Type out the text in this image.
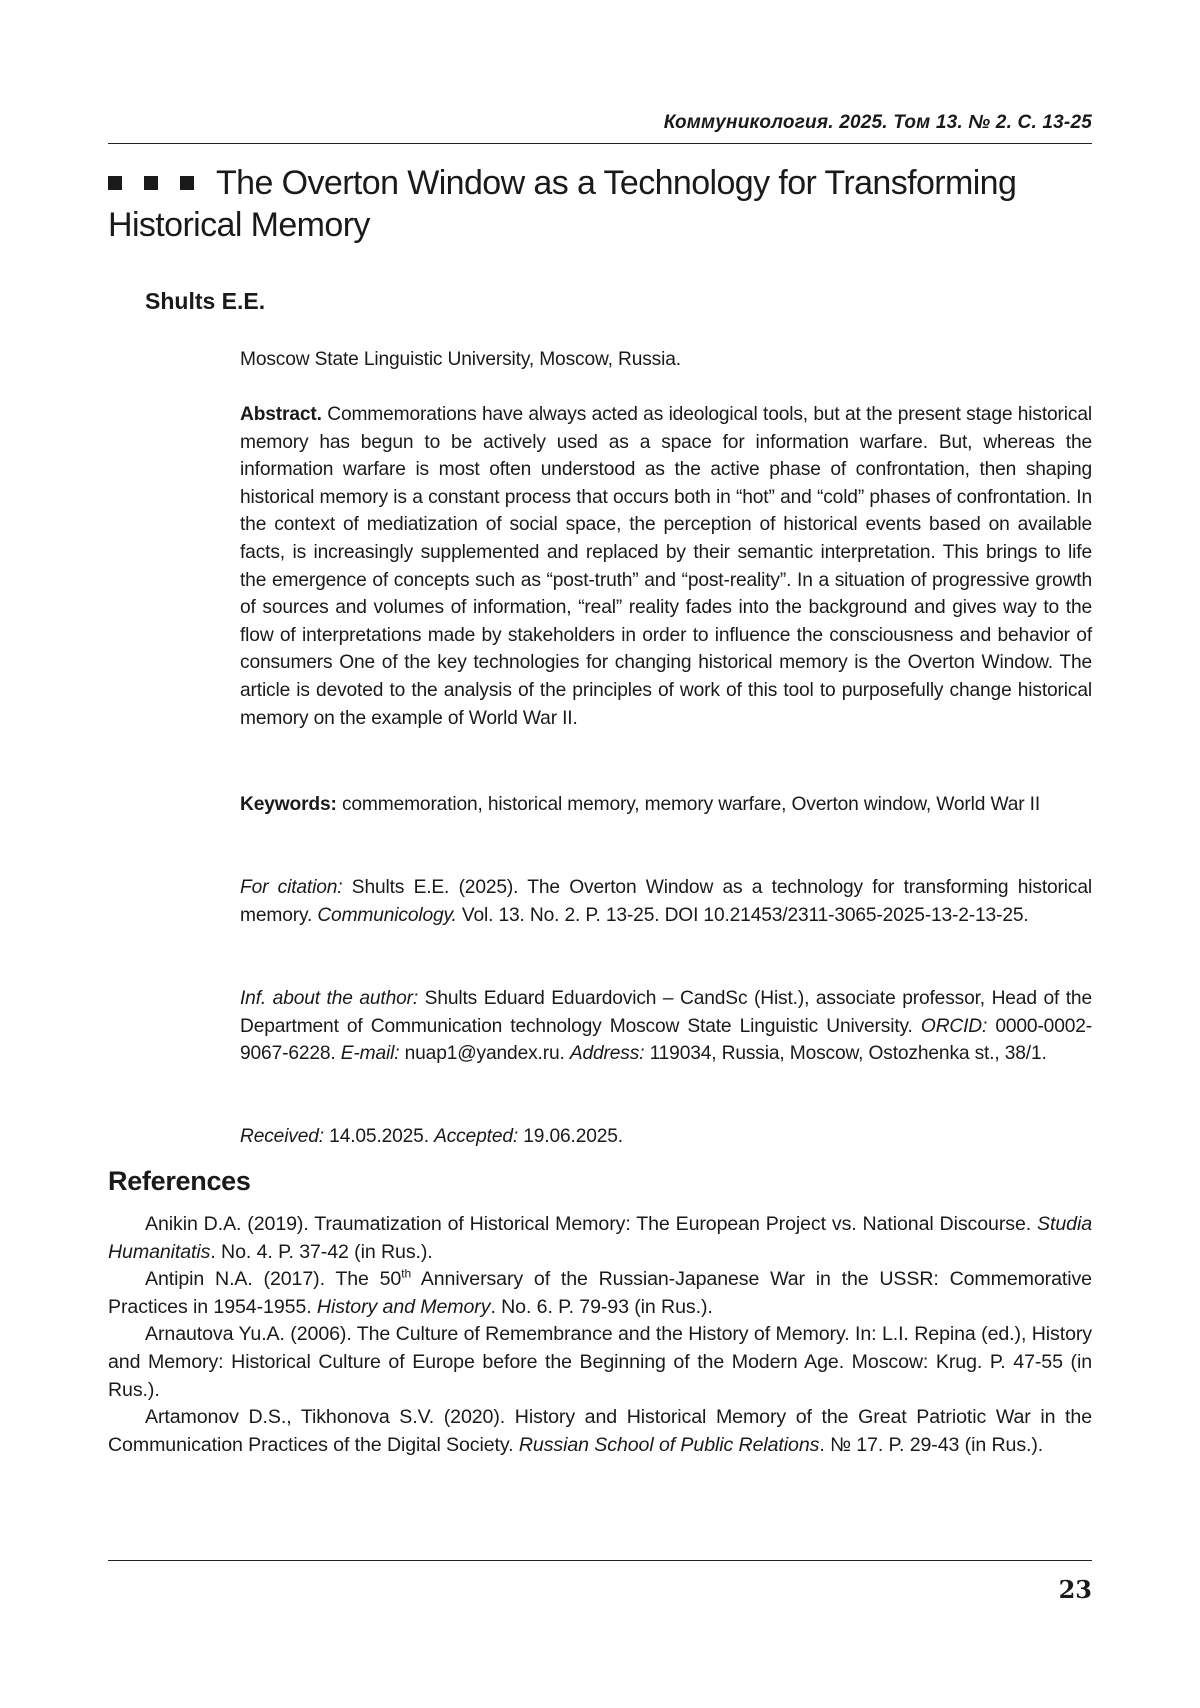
Коммуникология. 2025. Том 13. № 2. С. 13-25
The Overton Window as a Technology for Transforming Historical Memory
Shults E.E.
Moscow State Linguistic University, Moscow, Russia.
Abstract. Commemorations have always acted as ideological tools, but at the present stage historical memory has begun to be actively used as a space for information warfare. But, whereas the information warfare is most often understood as the active phase of confrontation, then shaping historical memory is a constant process that occurs both in “hot” and “cold” phases of confrontation. In the context of mediatization of social space, the perception of historical events based on available facts, is increasingly supplemented and replaced by their semantic interpretation. This brings to life the emergence of concepts such as “post-truth” and “post-reality”. In a situation of progressive growth of sources and volumes of information, “real” reality fades into the background and gives way to the flow of interpretations made by stakeholders in order to influence the consciousness and behavior of consumers One of the key technologies for changing historical memory is the Overton Window. The article is devoted to the analysis of the principles of work of this tool to purposefully change historical memory on the example of World War II.
Keywords: commemoration, historical memory, memory warfare, Overton window, World War II
For citation: Shults E.E. (2025). The Overton Window as a technology for transforming historical memory. Communicology. Vol. 13. No. 2. P. 13-25. DOI 10.21453/2311-3065-2025-13-2-13-25.
Inf. about the author: Shults Eduard Eduardovich – CandSc (Hist.), associate professor, Head of the Department of Communication technology Moscow State Linguistic University. ORCID: 0000-0002-9067-6228. E-mail: nuap1@yandex.ru. Address: 119034, Russia, Moscow, Ostozhenka st., 38/1.
Received: 14.05.2025. Accepted: 19.06.2025.
References

Anikin D.A. (2019). Traumatization of Historical Memory: The European Project vs. National Discourse. Studia Humanitatis. No. 4. P. 37-42 (in Rus.).

Antipin N.A. (2017). The 50th Anniversary of the Russian-Japanese War in the USSR: Commemorative Practices in 1954-1955. History and Memory. No. 6. P. 79-93 (in Rus.).

Arnautova Yu.A. (2006). The Culture of Remembrance and the History of Memory. In: L.I. Repina (ed.), History and Memory: Historical Culture of Europe before the Beginning of the Modern Age. Moscow: Krug. P. 47-55 (in Rus.).

Artamonov D.S., Tikhonova S.V. (2020). History and Historical Memory of the Great Patriotic War in the Communication Practices of the Digital Society. Russian School of Public Relations. № 17. P. 29-43 (in Rus.).

23
